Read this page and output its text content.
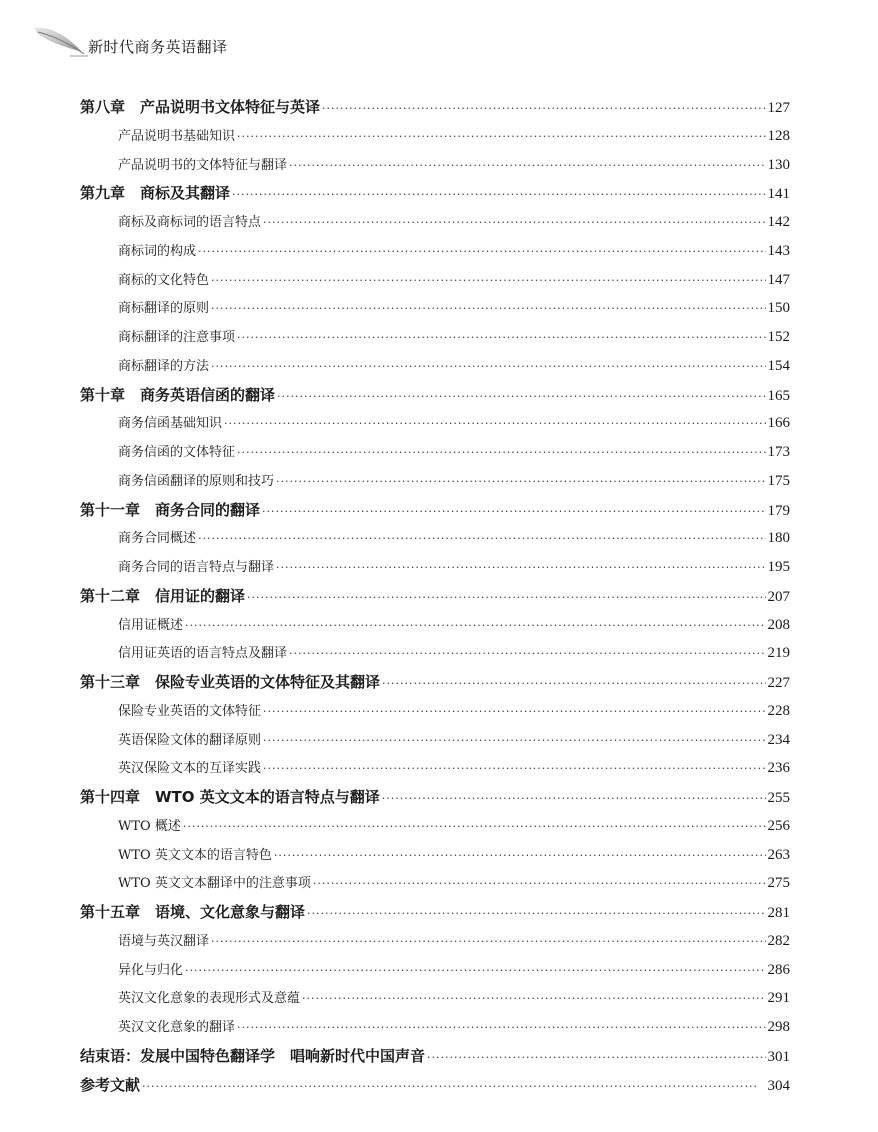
新时代商务英语翻译
第八章　产品说明书文体特征与英译 ·····	127
产品说明书基础知识 ·····	128
产品说明书的文体特征与翻译 ·····	130
第九章　商标及其翻译 ·····	141
商标及商标词的语言特点 ·····	142
商标词的构成 ·····	143
商标的文化特色 ·····	147
商标翻译的原则 ·····	150
商标翻译的注意事项 ·····	152
商标翻译的方法 ·····	154
第十章　商务英语信函的翻译 ·····	165
商务信函基础知识 ·····	166
商务信函的文体特征 ·····	173
商务信函翻译的原则和技巧 ·····	175
第十一章　商务合同的翻译 ·····	179
商务合同概述 ·····	180
商务合同的语言特点与翻译 ·····	195
第十二章　信用证的翻译 ·····	207
信用证概述 ·····	208
信用证英语的语言特点及翻译 ·····	219
第十三章　保险专业英语的文体特征及其翻译 ·····	227
保险专业英语的文体特征 ·····	228
英语保险文体的翻译原则 ·····	234
英汉保险文本的互译实践 ·····	236
第十四章　WTO 英文文本的语言特点与翻译 ·····	255
WTO 概述 ·····	256
WTO 英文文本的语言特色 ·····	263
WTO 英文文本翻译中的注意事项 ·····	275
第十五章　语境、文化意象与翻译 ·····	281
语境与英汉翻译 ·····	282
异化与归化 ·····	286
英汉文化意象的表现形式及意蕴 ·····	291
英汉文化意象的翻译 ·····	298
结束语：发展中国特色翻译学　唱响新时代中国声音 ·····	301
参考文献 ·····	304
